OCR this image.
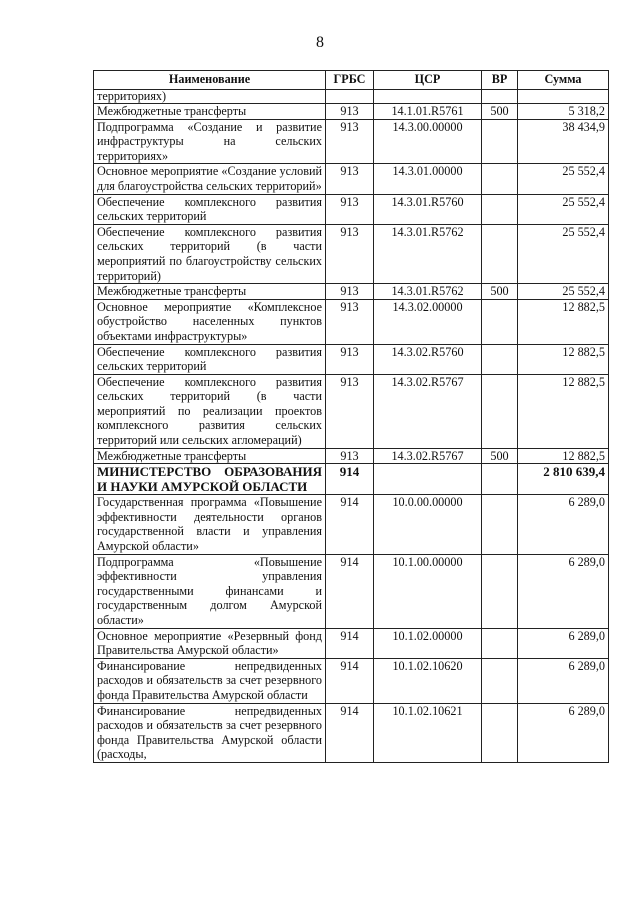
8
Наименование	ГРБС	ЦСР	ВР	Сумма
территориях)				
Межбюджетные трансферты	913	14.1.01.R5761	500	5 318,2
Подпрограмма «Создание и развитие инфраструктуры на сельских территориях»	913	14.3.00.00000		38 434,9
Основное мероприятие «Создание условий для благоустройства сельских территорий»	913	14.3.01.00000		25 552,4
Обеспечение комплексного развития сельских территорий	913	14.3.01.R5760		25 552,4
Обеспечение комплексного развития сельских территорий (в части мероприятий по благоустройству сельских территорий)	913	14.3.01.R5762		25 552,4
Межбюджетные трансферты	913	14.3.01.R5762	500	25 552,4
Основное мероприятие «Комплексное обустройство населенных пунктов объектами инфраструктуры»	913	14.3.02.00000		12 882,5
Обеспечение комплексного развития сельских территорий	913	14.3.02.R5760		12 882,5
Обеспечение комплексного развития сельских территорий (в части мероприятий по реализации проектов комплексного развития сельских территорий или сельских агломераций)	913	14.3.02.R5767		12 882,5
Межбюджетные трансферты	913	14.3.02.R5767	500	12 882,5
МИНИСТЕРСТВО ОБРАЗОВАНИЯ И НАУКИ АМУРСКОЙ ОБЛАСТИ	914			2 810 639,4
Государственная программа «Повышение эффективности деятельности органов государственной власти и управления Амурской области»	914	10.0.00.00000		6 289,0
Подпрограмма «Повышение эффективности управления государственными финансами и государственным долгом Амурской области»	914	10.1.00.00000		6 289,0
Основное мероприятие «Резервный фонд Правительства Амурской области»	914	10.1.02.00000		6 289,0
Финансирование непредвиденных расходов и обязательств за счет резервного фонда Правительства Амурской области	914	10.1.02.10620		6 289,0
Финансирование непредвиденных расходов и обязательств за счет резервного фонда Правительства Амурской области (расходы,	914	10.1.02.10621		6 289,0
